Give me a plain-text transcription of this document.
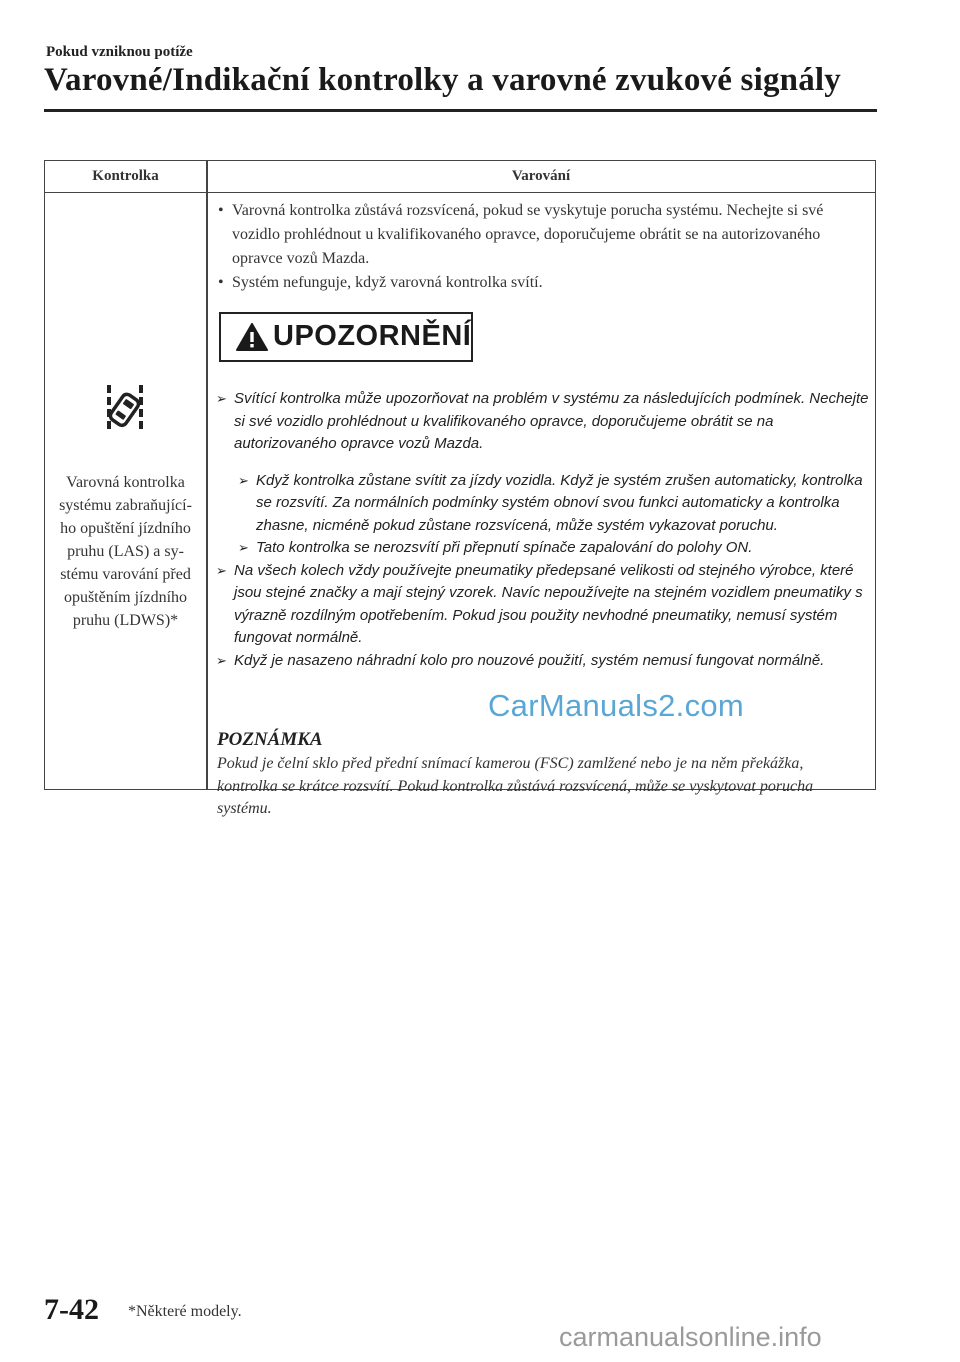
Pokud vzniknou potíže
Varovné/Indikační kontrolky a varovné zvukové signály
Kontrolka	Varování
Varovná kontrolka
systému zabraňující-
ho opuštění jízdního
pruhu (LAS) a sy-
stému varování před
opuštěním jízdního
pruhu (LDWS)*
• Varovná kontrolka zůstává rozsvícená, pokud se vyskytuje porucha systému. Nechejte si své vozidlo prohlédnout u kvalifikovaného opravce, doporučujeme obrátit se na autorizovaného opravce vozů Mazda.
• Systém nefunguje, když varovná kontrolka svítí.
UPOZORNĚNÍ
➢ Svítící kontrolka může upozorňovat na problém v systému za následujících podmínek. Nechejte si své vozidlo prohlédnout u kvalifikovaného opravce, doporučujeme obrátit se na autorizovaného opravce vozů Mazda.
➢ Když kontrolka zůstane svítit za jízdy vozidla. Když je systém zrušen automaticky, kontrolka se rozsvítí. Za normálních podmínky systém obnoví svou funkci automaticky a kontrolka zhasne, nicméně pokud zůstane rozsvícená, může systém vykazovat poruchu.
➢ Tato kontrolka se nerozsvítí při přepnutí spínače zapalování do polohy ON.
➢ Na všech kolech vždy používejte pneumatiky předepsané velikosti od stejného výrobce, které jsou stejné značky a mají stejný vzorek. Navíc nepoužívejte na stejném vozidlem pneumatiky s výrazně rozdílným opotřebením. Pokud jsou použity nevhodné pneumatiky, nemusí systém fungovat normálně.
➢ Když je nasazeno náhradní kolo pro nouzové použití, systém nemusí fungovat normálně.
POZNÁMKA
Pokud je čelní sklo před přední snímací kamerou (FSC) zamlžené nebo je na něm překážka, kontrolka se krátce rozsvítí. Pokud kontrolka zůstává rozsvícená, může se vyskytovat porucha systému.
CarManuals2.com
7-42 *Některé modely.
carmanualsonline.info
